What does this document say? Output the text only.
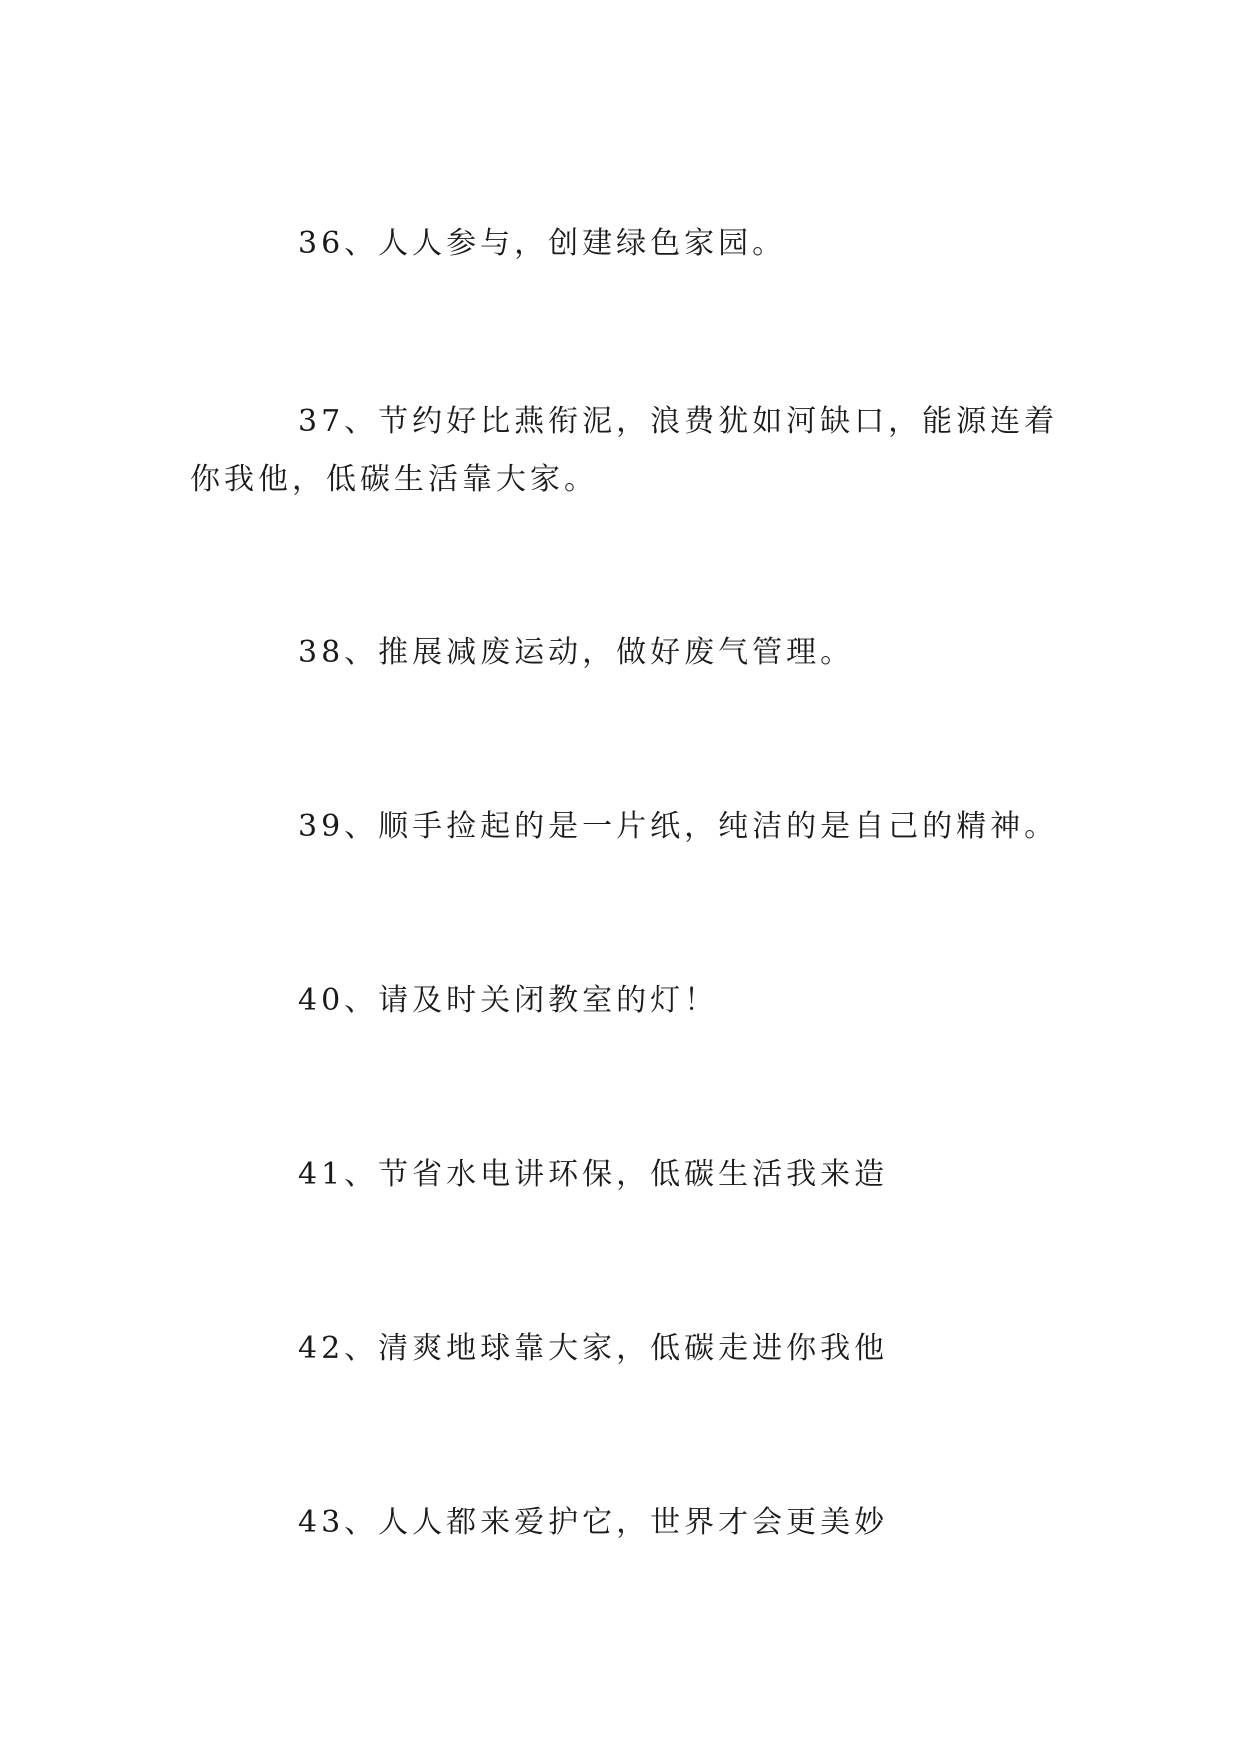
36、人人参与，创建绿色家园。

37、节约好比燕衔泥，浪费犹如河缺口，能源连着你我他，低碳生活靠大家。

38、推展减废运动，做好废气管理。

39、顺手捡起的是一片纸，纯洁的是自己的精神。

40、请及时关闭教室的灯！

41、节省水电讲环保，低碳生活我来造

42、清爽地球靠大家，低碳走进你我他

43、人人都来爱护它，世界才会更美妙
